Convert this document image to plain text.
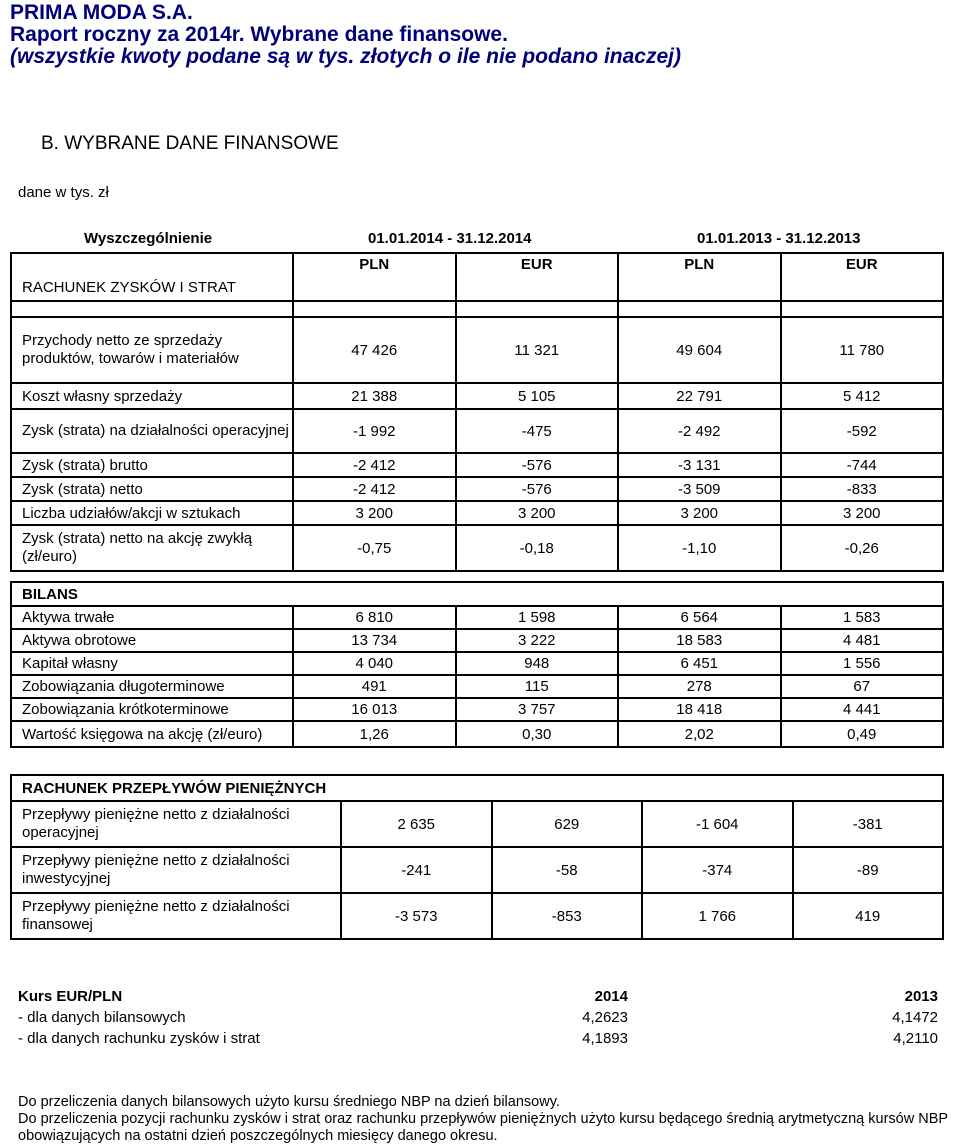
PRIMA MODA S.A.
Raport roczny za 2014r. Wybrane dane finansowe.
(wszystkie kwoty podane są w tys. złotych o ile nie podano inaczej)
B. WYBRANE DANE FINANSOWE
dane w tys. zł
Wyszczególnienie	01.01.2014 - 31.12.2014	01.01.2013 - 31.12.2013
RACHUNEK ZYSKÓW I STRAT	PLN	EUR	PLN	EUR

Przychody netto ze sprzedaży produktów, towarów i materiałów	47 426	11 321	49 604	11 780
Koszt własny sprzedaży	21 388	5 105	22 791	5 412
Zysk (strata) na działalności operacyjnej	-1 992	-475	-2 492	-592
Zysk (strata) brutto	-2 412	-576	-3 131	-744
Zysk (strata) netto	-2 412	-576	-3 509	-833
Liczba udziałów/akcji w sztukach	3 200	3 200	3 200	3 200
Zysk (strata) netto na akcję zwykłą (zł/euro)	-0,75	-0,18	-1,10	-0,26
BILANS				
Aktywa trwałe	6 810	1 598	6 564	1 583
Aktywa obrotowe	13 734	3 222	18 583	4 481
Kapitał własny	4 040	948	6 451	1 556
Zobowiązania długoterminowe	491	115	278	67
Zobowiązania krótkoterminowe	16 013	3 757	18 418	4 441
Wartość księgowa na akcję (zł/euro)	1,26	0,30	2,02	0,49
RACHUNEK PRZEPŁYWÓW PIENIĘŻNYCH				
Przepływy pieniężne netto z działalności operacyjnej	2 635	629	-1 604	-381
Przepływy pieniężne netto z działalności inwestycyjnej	-241	-58	-374	-89
Przepływy pieniężne netto z działalności finansowej	-3 573	-853	1 766	419
Kurs EUR/PLN	2014	2013
- dla danych bilansowych	4,2623	4,1472
- dla danych rachunku zysków i strat	4,1893	4,2110
Do przeliczenia danych bilansowych użyto kursu średniego NBP na dzień bilansowy.
Do przeliczenia pozycji rachunku zysków i strat oraz rachunku przepływów pieniężnych użyto kursu będącego średnią arytmetyczną kursów NBP obowiązujących na ostatni dzień poszczególnych miesięcy danego okresu.
